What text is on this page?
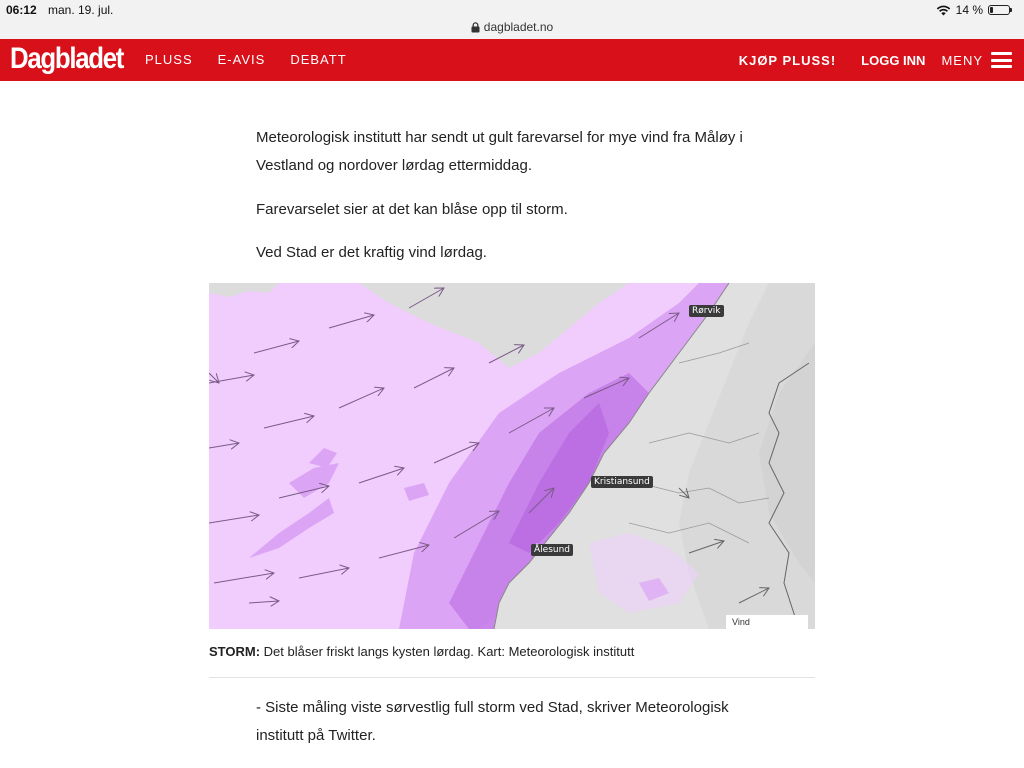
06:12 man. 19. jul.	14 %
dagbladet.no
Dagbladet PLUSS E-AVIS DEBATT	KJØP PLUSS! LOGG INN MENY

Meteorologisk institutt har sendt ut gult farevarsel for mye vind fra Måløy i Vestland og nordover lørdag ettermiddag.

Farevarselet sier at det kan blåse opp til storm.

Ved Stad er det kraftig vind lørdag.

Rørvik
Kristiansund
Ålesund
Vind
STORM: Det blåser friskt langs kysten lørdag. Kart: Meteorologisk institutt

- Siste måling viste sørvestlig full storm ved Stad, skriver Meteorologisk institutt på Twitter.
